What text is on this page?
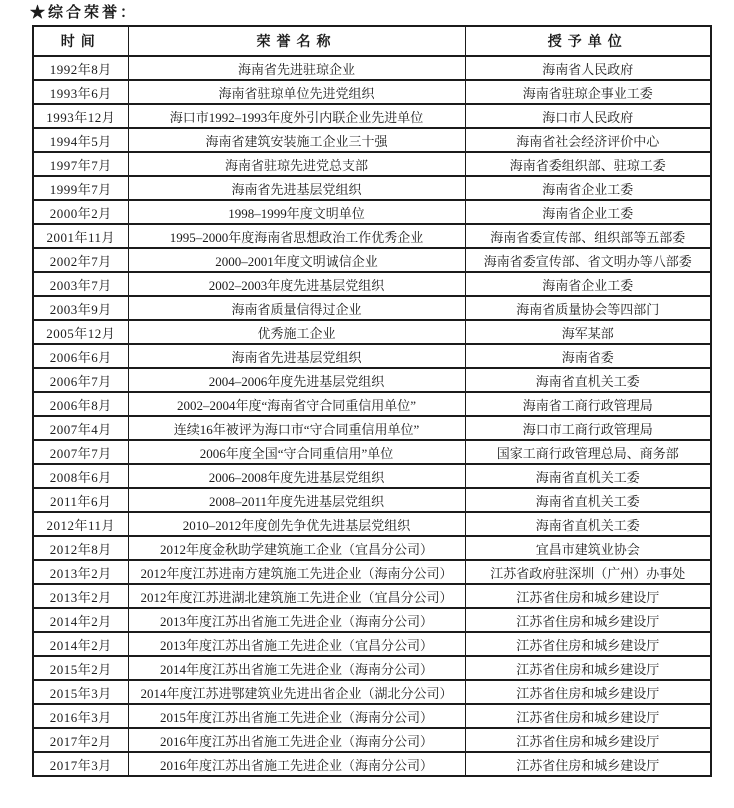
★综合荣誉：
时间	荣誉名称	授予单位
1992年8月	海南省先进驻琼企业	海南省人民政府
1993年6月	海南省驻琼单位先进党组织	海南省驻琼企事业工委
1993年12月	海口市1992–1993年度外引内联企业先进单位	海口市人民政府
1994年5月	海南省建筑安装施工企业三十强	海南省社会经济评价中心
1997年7月	海南省驻琼先进党总支部	海南省委组织部、驻琼工委
1999年7月	海南省先进基层党组织	海南省企业工委
2000年2月	1998–1999年度文明单位	海南省企业工委
2001年11月	1995–2000年度海南省思想政治工作优秀企业	海南省委宣传部、组织部等五部委
2002年7月	2000–2001年度文明诚信企业	海南省委宣传部、省文明办等八部委
2003年7月	2002–2003年度先进基层党组织	海南省企业工委
2003年9月	海南省质量信得过企业	海南省质量协会等四部门
2005年12月	优秀施工企业	海军某部
2006年6月	海南省先进基层党组织	海南省委
2006年7月	2004–2006年度先进基层党组织	海南省直机关工委
2006年8月	2002–2004年度“海南省守合同重信用单位”	海南省工商行政管理局
2007年4月	连续16年被评为海口市“守合同重信用单位”	海口市工商行政管理局
2007年7月	2006年度全国“守合同重信用”单位	国家工商行政管理总局、商务部
2008年6月	2006–2008年度先进基层党组织	海南省直机关工委
2011年6月	2008–2011年度先进基层党组织	海南省直机关工委
2012年11月	2010–2012年度创先争优先进基层党组织	海南省直机关工委
2012年8月	2012年度金秋助学建筑施工企业（宜昌分公司）	宜昌市建筑业协会
2013年2月	2012年度江苏进南方建筑施工先进企业（海南分公司）	江苏省政府驻深圳（广州）办事处
2013年2月	2012年度江苏进湖北建筑施工先进企业（宜昌分公司）	江苏省住房和城乡建设厅
2014年2月	2013年度江苏出省施工先进企业（海南分公司）	江苏省住房和城乡建设厅
2014年2月	2013年度江苏出省施工先进企业（宜昌分公司）	江苏省住房和城乡建设厅
2015年2月	2014年度江苏出省施工先进企业（海南分公司）	江苏省住房和城乡建设厅
2015年3月	2014年度江苏进鄂建筑业先进出省企业（湖北分公司）	江苏省住房和城乡建设厅
2016年3月	2015年度江苏出省施工先进企业（海南分公司）	江苏省住房和城乡建设厅
2017年2月	2016年度江苏出省施工先进企业（海南分公司）	江苏省住房和城乡建设厅
2017年3月	2016年度江苏出省施工先进企业（海南分公司）	江苏省住房和城乡建设厅
